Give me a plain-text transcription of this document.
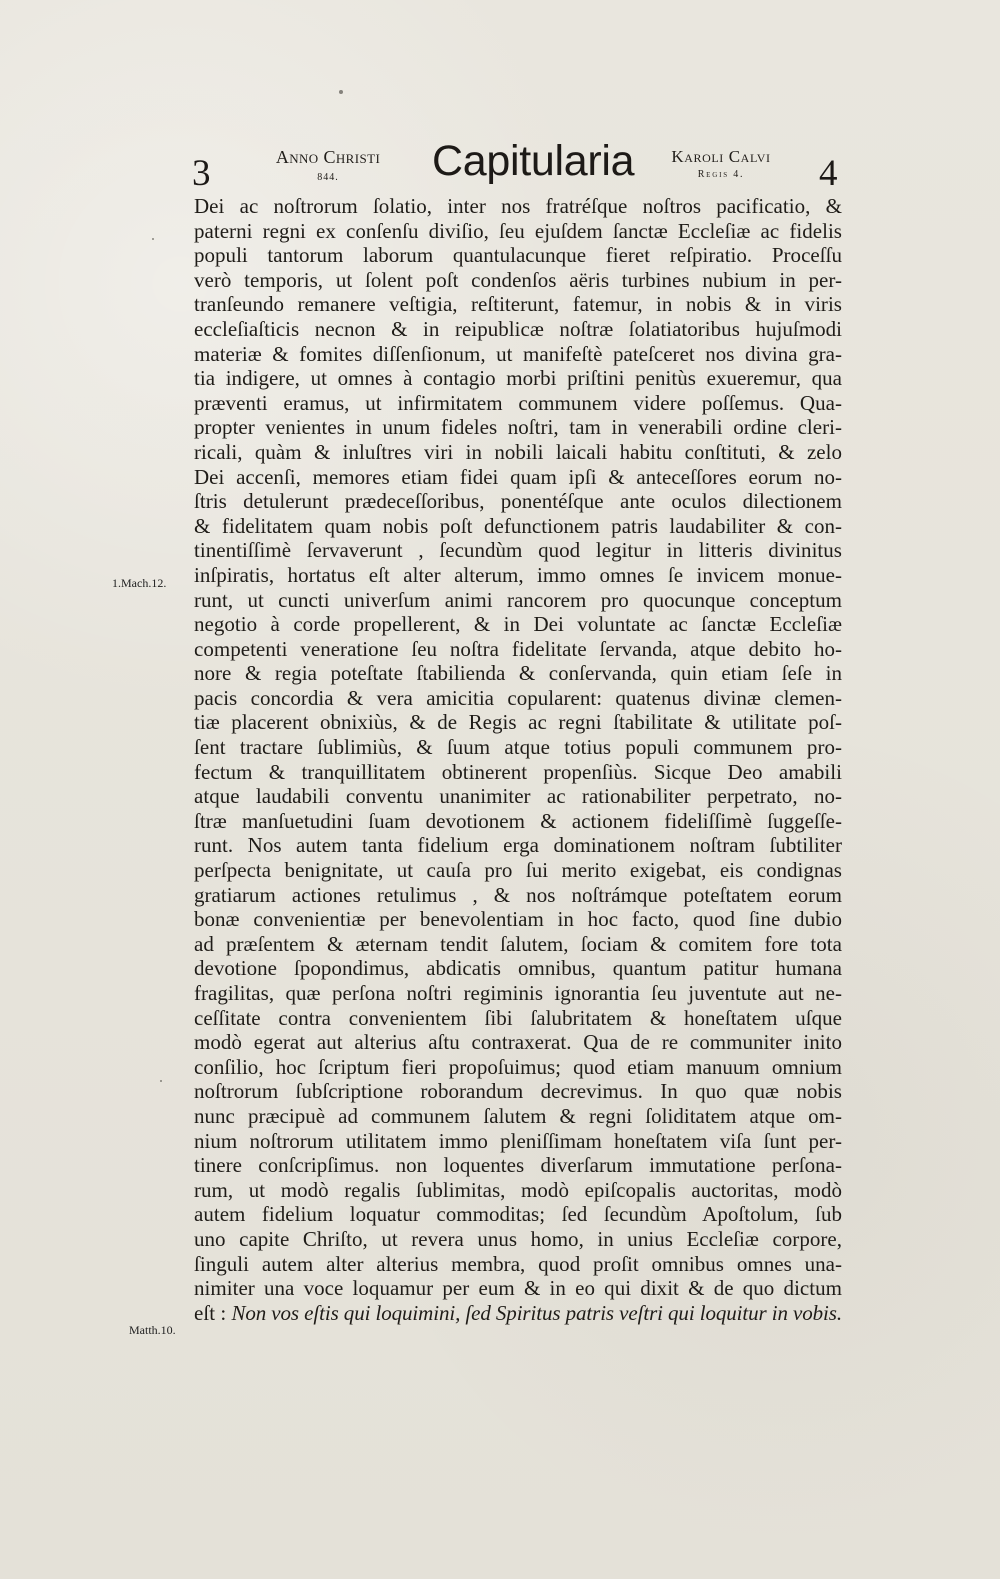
3	Anno Christi
844.	Capitularia	Karoli Calvi
Regis 4.	4
1.Mach.12.
Matth.10.
Dei ac noſtrorum ſolatio, inter nos fratréſque noſtros pacificatio, &
paterni regni ex conſenſu diviſio, ſeu ejuſdem ſanctæ Eccleſiæ ac fidelis
populi tantorum laborum quantulacunque fieret reſpiratio. Proceſſu
verò temporis, ut ſolent poſt condenſos aëris turbines nubium in per-
tranſeundo remanere veſtigia, reſtiterunt, fatemur, in nobis & in viris
eccleſiaſticis necnon & in reipublicæ noſtræ ſolatiatoribus hujuſmodi
materiæ & fomites diſſenſionum, ut manifeſtè pateſceret nos divina gra-
tia indigere, ut omnes à contagio morbi priſtini penitùs exueremur, qua
præventi eramus, ut infirmitatem communem videre poſſemus. Qua-
propter venientes in unum fideles noſtri, tam in venerabili ordine cleri-
ricali, quàm & inluſtres viri in nobili laicali habitu conſtituti, & zelo
Dei accenſi, memores etiam fidei quam ipſi & anteceſſores eorum no-
ſtris detulerunt prædeceſſoribus, ponentéſque ante oculos dilectionem
& fidelitatem quam nobis poſt defunctionem patris laudabiliter & con-
tinentiſſimè ſervaverunt , ſecundùm quod legitur in litteris divinitus
inſpiratis, hortatus eſt alter alterum, immo omnes ſe invicem monue-
runt, ut cuncti univerſum animi rancorem pro quocunque conceptum
negotio à corde propellerent, & in Dei voluntate ac ſanctæ Eccleſiæ
competenti veneratione ſeu noſtra fidelitate ſervanda, atque debito ho-
nore & regia poteſtate ſtabilienda & conſervanda, quin etiam ſeſe in
pacis concordia & vera amicitia copularent: quatenus divinæ clemen-
tiæ placerent obnixiùs, & de Regis ac regni ſtabilitate & utilitate poſ-
ſent tractare ſublimiùs, & ſuum atque totius populi communem pro-
fectum & tranquillitatem obtinerent propenſiùs. Sicque Deo amabili
atque laudabili conventu unanimiter ac rationabiliter perpetrato, no-
ſtræ manſuetudini ſuam devotionem & actionem fideliſſimè ſuggeſſe-
runt. Nos autem tanta fidelium erga dominationem noſtram ſubtiliter
perſpecta benignitate, ut cauſa pro ſui merito exigebat, eis condignas
gratiarum actiones retulimus , & nos noſtrámque poteſtatem eorum
bonæ convenientiæ per benevolentiam in hoc facto, quod ſine dubio
ad præſentem & æternam tendit ſalutem, ſociam & comitem fore tota
devotione ſpopondimus, abdicatis omnibus, quantum patitur humana
fragilitas, quæ perſona noſtri regiminis ignorantia ſeu juventute aut ne-
ceſſitate contra convenientem ſibi ſalubritatem & honeſtatem uſque
modò egerat aut alterius aſtu contraxerat. Qua de re communiter inito
conſilio, hoc ſcriptum fieri propoſuimus; quod etiam manuum omnium
noſtrorum ſubſcriptione roborandum decrevimus. In quo quæ nobis
nunc præcipuè ad communem ſalutem & regni ſoliditatem atque om-
nium noſtrorum utilitatem immo pleniſſimam honeſtatem viſa ſunt per-
tinere conſcripſimus. non loquentes diverſarum immutatione perſona-
rum, ut modò regalis ſublimitas, modò epiſcopalis auctoritas, modò
autem fidelium loquatur commoditas; ſed ſecundùm Apoſtolum, ſub
uno capite Chriſto, ut revera unus homo, in unius Eccleſiæ corpore,
ſinguli autem alter alterius membra, quod proſit omnibus omnes una-
nimiter una voce loquamur per eum & in eo qui dixit & de quo dictum
eſt : Non vos eſtis qui loquimini, ſed Spiritus patris veſtri qui loquitur in vobis.
